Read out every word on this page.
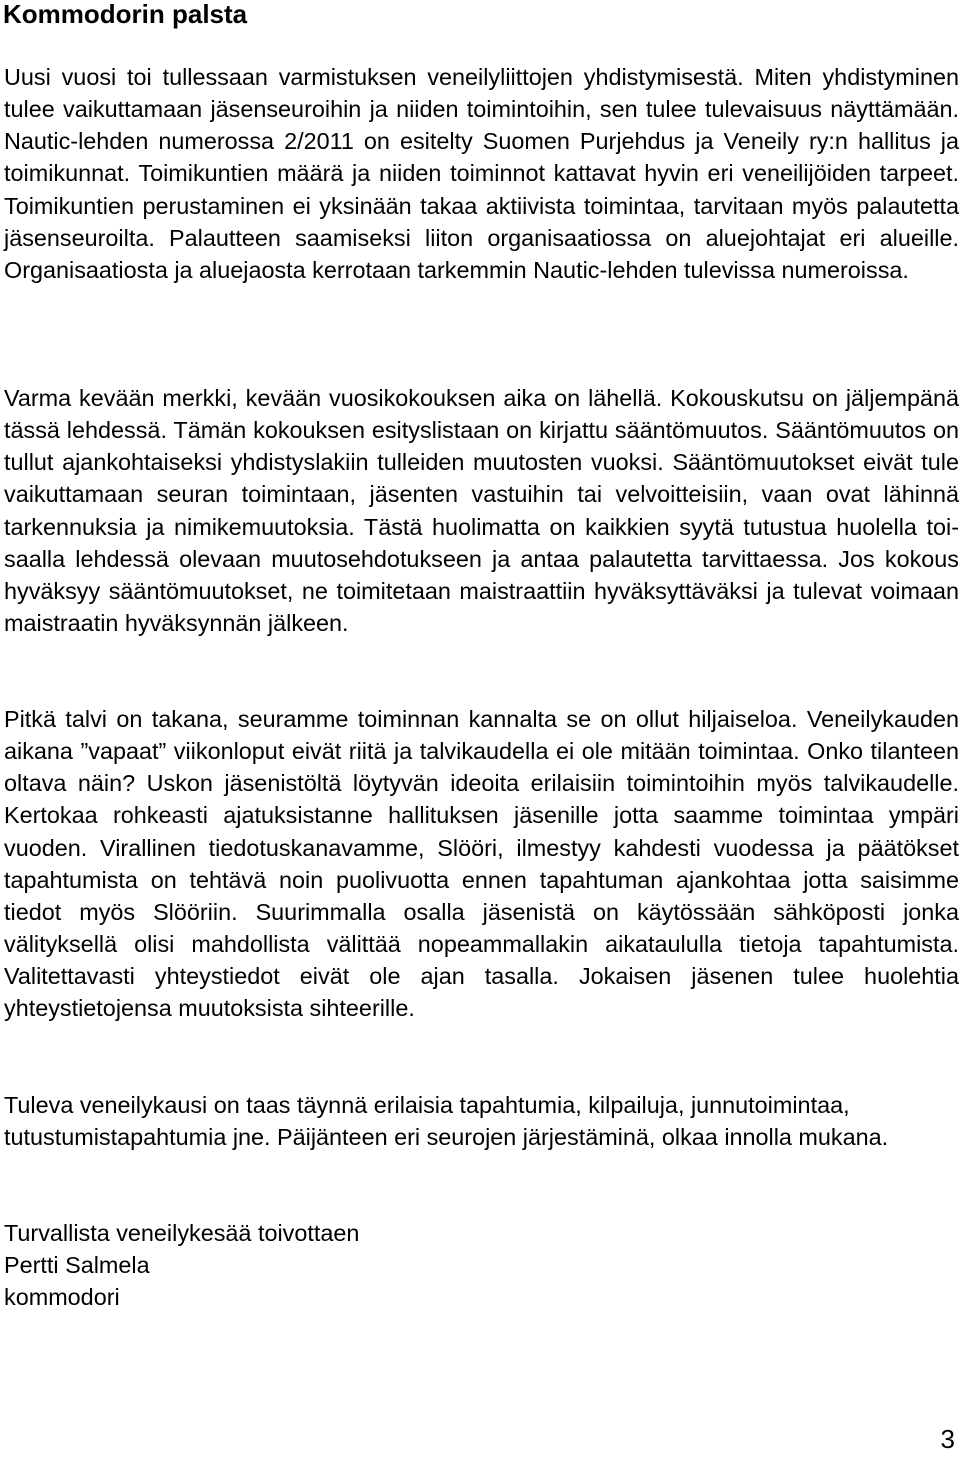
Kommodorin palsta

Uusi vuosi toi tullessaan varmistuksen veneilyliittojen yhdistymisestä. Miten yhdistyminen tulee vaikuttamaan jäsenseuroihin ja niiden toimintoihin, sen tulee tulevaisuus näyttämään. Nautic-lehden numerossa 2/2011 on esitelty Suomen Purjehdus ja Veneily ry:n hallitus ja toimikunnat. Toimikuntien määrä ja niiden toiminnot kattavat hyvin eri veneilijöiden tarpeet. Toimikuntien perustaminen ei yksinään takaa aktiivista toimintaa, tarvitaan myös palautetta jäsenseuroilta. Palautteen saamiseksi liiton organisaatiossa on aluejohtajat eri alueille. Organisaatiosta ja aluejaosta kerrotaan tarkemmin Nautic-lehden tulevissa numeroissa.

Varma kevään merkki, kevään vuosikokouksen aika on lähellä. Kokouskutsu on jäljempänä tässä lehdessä. Tämän kokouksen esityslistaan on kirjattu sääntömuutos. Sääntömuutos on tullut ajankohtaiseksi yhdistyslakiin tulleiden muutosten vuoksi. Sääntömuutokset eivät tule vaikuttamaan seuran toimintaan, jäsenten vastuihin tai velvoitteisiin, vaan ovat lähinnä tarkennuksia ja nimikemuutoksia. Tästä huolimatta on kaikkien syytä tutustua huolella toisaalla lehdessä olevaan muutosehdotukseen ja antaa palautetta tarvittaessa. Jos kokous hyväksyy sääntömuutokset, ne toimitetaan maistraattiin hyväksyttäväksi ja tulevat voimaan maistraatin hyväksynnän jälkeen.

Pitkä talvi on takana, seuramme toiminnan kannalta se on ollut hiljaiseloa. Veneilykauden aikana ”vapaat” viikonloput eivät riitä ja talvikaudella ei ole mitään toimintaa. Onko tilanteen oltava näin? Uskon jäsenistöltä löytyvän ideoita erilaisiin toimintoihin myös talvikaudelle. Kertokaa rohkeasti ajatuksistanne hallituksen jäsenille jotta saamme toimintaa ympäri vuoden. Virallinen tiedotuskanavamme, Slööri, ilmestyy kahdesti vuodessa ja päätökset tapahtumista on tehtävä noin puolivuotta ennen tapahtuman ajankohtaa jotta saisimme tiedot myös Slööriin. Suurimmalla osalla jäsenistä on käytössään sähköposti jonka välityksellä olisi mahdollista välittää nopeammallakin aikataululla tietoja tapahtumista. Valitettavasti yhteystiedot eivät ole ajan tasalla. Jokaisen jäsenen tulee huolehtia yhteystietojensa muutoksista sihteerille.

Tuleva veneilykausi on taas täynnä erilaisia tapahtumia, kilpailuja, junnutoimintaa, tutustumistapahtumia jne. Päijänteen eri seurojen järjestäminä, olkaa innolla mukana.

Turvallista veneilykesää toivottaen
Pertti Salmela
kommodori
3
